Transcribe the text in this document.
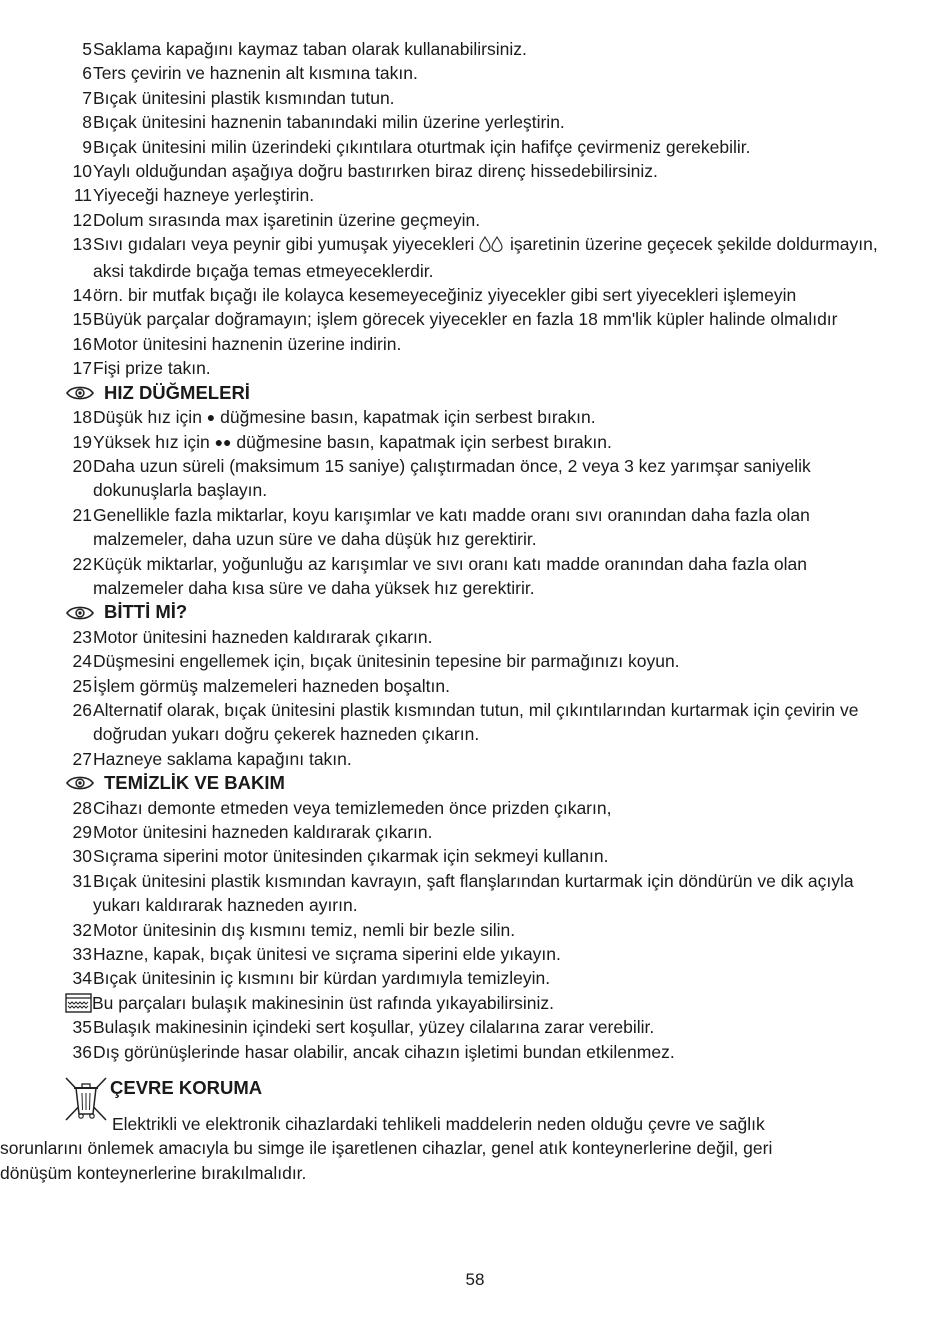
5 Saklama kapağını kaymaz taban olarak kullanabilirsiniz.
6 Ters çevirin ve haznenin alt kısmına takın.
7 Bıçak ünitesini plastik kısmından tutun.
8 Bıçak ünitesini haznenin tabanındaki milin üzerine yerleştirin.
9 Bıçak ünitesini milin üzerindeki çıkıntılara oturtmak için hafifçe çevirmeniz gerekebilir.
10 Yaylı olduğundan aşağıya doğru bastırırken biraz direnç hissedebilirsiniz.
11 Yiyeceği hazneye yerleştirin.
12 Dolum sırasında max işaretinin üzerine geçmeyin.
13 Sıvı gıdaları veya peynir gibi yumuşak yiyecekleri  işaretinin üzerine geçecek şekilde doldurmayın, aksi takdirde bıçağa temas etmeyeceklerdir.
14 örn. bir mutfak bıçağı ile kolayca kesemeyeceğiniz yiyecekler gibi sert yiyecekleri işlemeyin
15 Büyük parçalar doğramayın; işlem görecek yiyecekler en fazla 18 mm'lik küpler halinde olmalıdır
16 Motor ünitesini haznenin üzerine indirin.
17 Fişi prize takın.
HIZ DÜĞMELERİ
18 Düşük hız için ● düğmesine basın, kapatmak için serbest bırakın.
19 Yüksek hız için ●● düğmesine basın, kapatmak için serbest bırakın.
20 Daha uzun süreli (maksimum 15 saniye) çalıştırmadan önce, 2 veya 3 kez yarımşar saniyelik dokunuşlarla başlayın.
21 Genellikle fazla miktarlar, koyu karışımlar ve katı madde oranı sıvı oranından daha fazla olan malzemeler, daha uzun süre ve daha düşük hız gerektirir.
22 Küçük miktarlar, yoğunluğu az karışımlar ve sıvı oranı katı madde oranından daha fazla olan malzemeler daha kısa süre ve daha yüksek hız gerektirir.
BİTTİ Mİ?
23 Motor ünitesini hazneden kaldırarak çıkarın.
24 Düşmesini engellemek için, bıçak ünitesinin tepesine bir parmağınızı koyun.
25 İşlem görmüş malzemeleri hazneden boşaltın.
26 Alternatif olarak, bıçak ünitesini plastik kısmından tutun, mil çıkıntılarından kurtarmak için çevirin ve doğrudan yukarı doğru çekerek hazneden çıkarın.
27 Hazneye saklama kapağını takın.
TEMİZLİK VE BAKIM
28 Cihazı demonte etmeden veya temizlemeden önce prizden çıkarın,
29 Motor ünitesini hazneden kaldırarak çıkarın.
30 Sıçrama siperini motor ünitesinden çıkarmak için sekmeyi kullanın.
31 Bıçak ünitesini plastik kısmından kavrayın, şaft flanşlarından kurtarmak için döndürün ve dik açıyla yukarı kaldırarak hazneden ayırın.
32 Motor ünitesinin dış kısmını temiz, nemli bir bezle silin.
33 Hazne, kapak, bıçak ünitesi ve sıçrama siperini elde yıkayın.
34 Bıçak ünitesinin iç kısmını bir kürdan yardımıyla temizleyin.
Bu parçaları bulaşık makinesinin üst rafında yıkayabilirsiniz.
35 Bulaşık makinesinin içindeki sert koşullar, yüzey cilalarına zarar verebilir.
36 Dış görünüşlerinde hasar olabilir, ancak cihazın işletimi bundan etkilenmez.
ÇEVRE KORUMA
Elektrikli ve elektronik cihazlardaki tehlikeli maddelerin neden olduğu çevre ve sağlık sorunlarını önlemek amacıyla bu simge ile işaretlenen cihazlar, genel atık konteynerlerine değil, geri dönüşüm konteynerlerine bırakılmalıdır.
58
